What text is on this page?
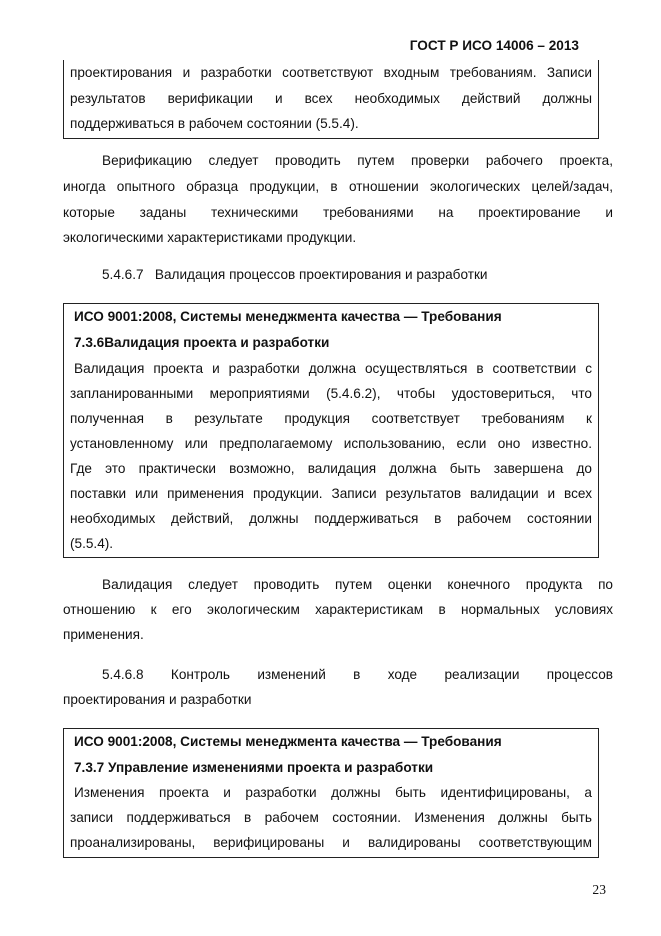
ГОСТ Р ИСО 14006 – 2013
проектирования и разработки соответствуют входным требованиям. Записи
результатов верификации и всех необходимых действий должны
поддерживаться в рабочем состоянии (5.5.4).
Верификацию следует проводить путем проверки рабочего проекта,
иногда опытного образца продукции, в отношении экологических целей/задач,
которые заданы техническими требованиями на проектирование и
экологическими характеристиками продукции.
5.4.6.7   Валидация процессов проектирования и разработки
ИСО 9001:2008, Системы менеджмента качества — Требования
7.3.6Валидация проекта и разработки
Валидация проекта и разработки должна осуществляться в соответствии с
запланированными мероприятиями (5.4.6.2), чтобы удостовериться, что
полученная в результате продукция соответствует требованиям к
установленному или предполагаемому использованию, если оно известно.
Где это практически возможно, валидация должна быть завершена до
поставки или применения продукции. Записи результатов валидации и всех
необходимых действий, должны поддерживаться в рабочем состоянии
(5.5.4).
Валидация следует проводить путем оценки конечного продукта по
отношению к его экологическим характеристикам в нормальных условиях
применения.
5.4.6.8 Контроль изменений в ходе реализации процессов
проектирования и разработки
ИСО 9001:2008, Системы менеджмента качества — Требования
7.3.7 Управление изменениями проекта и разработки
Изменения проекта и разработки должны быть идентифицированы, а
записи поддерживаться в рабочем состоянии. Изменения должны быть
проанализированы, верифицированы и валидированы соответствующим
23
